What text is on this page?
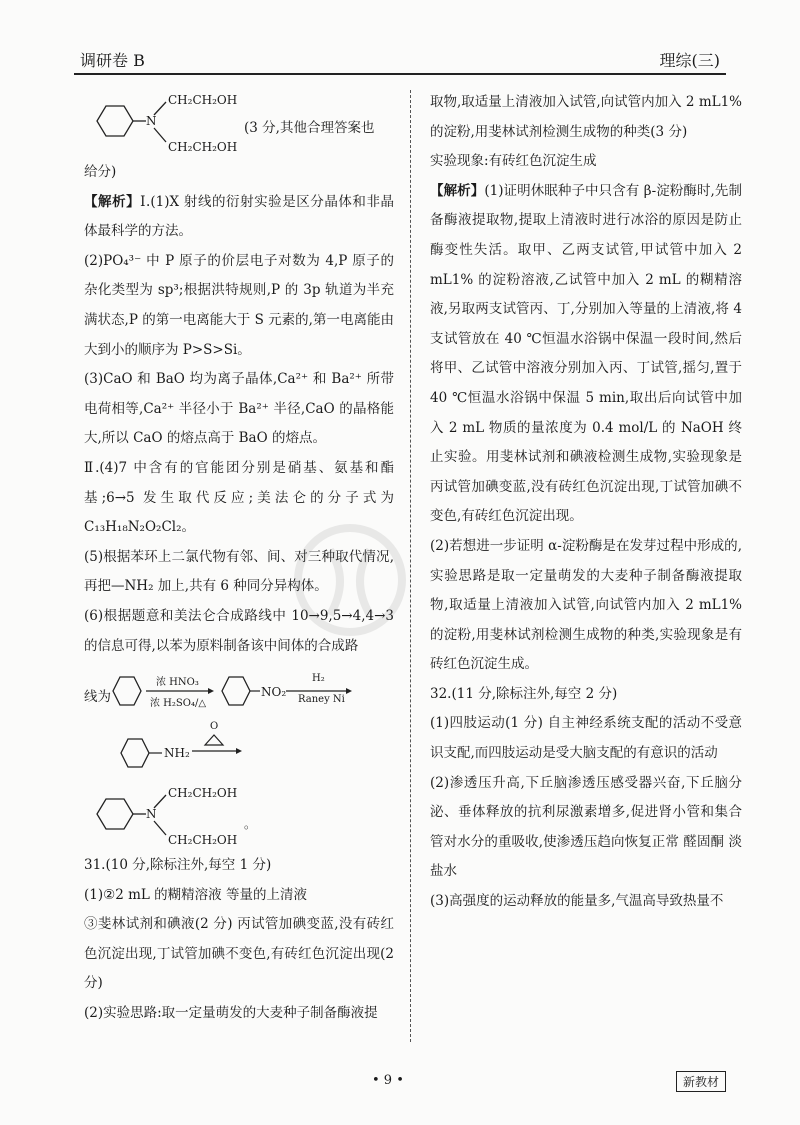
调研卷 B	理综(三)
N
CH₂CH₂OH
CH₂CH₂OH
(3 分,其他合理答案也

给分)

【解析】Ⅰ.(1)X 射线的衍射实验是区分晶体和非晶体最科学的方法。

(2)PO₄³⁻ 中 P 原子的价层电子对数为 4,P 原子的杂化类型为 sp³;根据洪特规则,P 的 3p 轨道为半充满状态,P 的第一电离能大于 S 元素的,第一电离能由大到小的顺序为 P>S>Si。

(3)CaO 和 BaO 均为离子晶体,Ca²⁺ 和 Ba²⁺ 所带电荷相等,Ca²⁺ 半径小于 Ba²⁺ 半径,CaO 的晶格能大,所以 CaO 的熔点高于 BaO 的熔点。

Ⅱ.(4)7 中含有的官能团分别是硝基、氨基和酯基;6→5 发生取代反应;美法仑的分子式为 C₁₃H₁₈N₂O₂Cl₂。

(5)根据苯环上二氯代物有邻、间、对三种取代情况,再把—NH₂ 加上,共有 6 种同分异构体。

(6)根据题意和美法仑合成路线中 10→9,5→4,4→3 的信息可得,以苯为原料制备该中间体的合成路

线为
浓 HNO₃
浓 H₂SO₄/△
NO₂
H₂
Raney Ni
NH₂
O
N
CH₂CH₂OH
CH₂CH₂OH
。

31.(10 分,除标注外,每空 1 分)

(1)②2 mL 的糊精溶液 等量的上清液

③斐林试剂和碘液(2 分) 丙试管加碘变蓝,没有砖红色沉淀出现,丁试管加碘不变色,有砖红色沉淀出现(2 分)

(2)实验思路:取一定量萌发的大麦种子制备酶液提

取物,取适量上清液加入试管,向试管内加入 2 mL1% 的淀粉,用斐林试剂检测生成物的种类(3 分)

实验现象:有砖红色沉淀生成

【解析】(1)证明休眠种子中只含有 β-淀粉酶时,先制备酶液提取物,提取上清液时进行冰浴的原因是防止酶变性失活。取甲、乙两支试管,甲试管中加入 2 mL1% 的淀粉溶液,乙试管中加入 2 mL 的糊精溶液,另取两支试管丙、丁,分别加入等量的上清液,将 4 支试管放在 40 ℃恒温水浴锅中保温一段时间,然后将甲、乙试管中溶液分别加入丙、丁试管,摇匀,置于 40 ℃恒温水浴锅中保温 5 min,取出后向试管中加入 2 mL 物质的量浓度为 0.4 mol/L 的 NaOH 终止实验。用斐林试剂和碘液检测生成物,实验现象是丙试管加碘变蓝,没有砖红色沉淀出现,丁试管加碘不变色,有砖红色沉淀出现。

(2)若想进一步证明 α-淀粉酶是在发芽过程中形成的,实验思路是取一定量萌发的大麦种子制备酶液提取物,取适量上清液加入试管,向试管内加入 2 mL1% 的淀粉,用斐林试剂检测生成物的种类,实验现象是有砖红色沉淀生成。

32.(11 分,除标注外,每空 2 分)

(1)四肢运动(1 分) 自主神经系统支配的活动不受意识支配,而四肢运动是受大脑支配的有意识的活动

(2)渗透压升高,下丘脑渗透压感受器兴奋,下丘脑分泌、垂体释放的抗利尿激素增多,促进肾小管和集合管对水分的重吸收,使渗透压趋向恢复正常 醛固酮 淡盐水

(3)高强度的运动释放的能量多,气温高导致热量不

• 9 •	新教材
